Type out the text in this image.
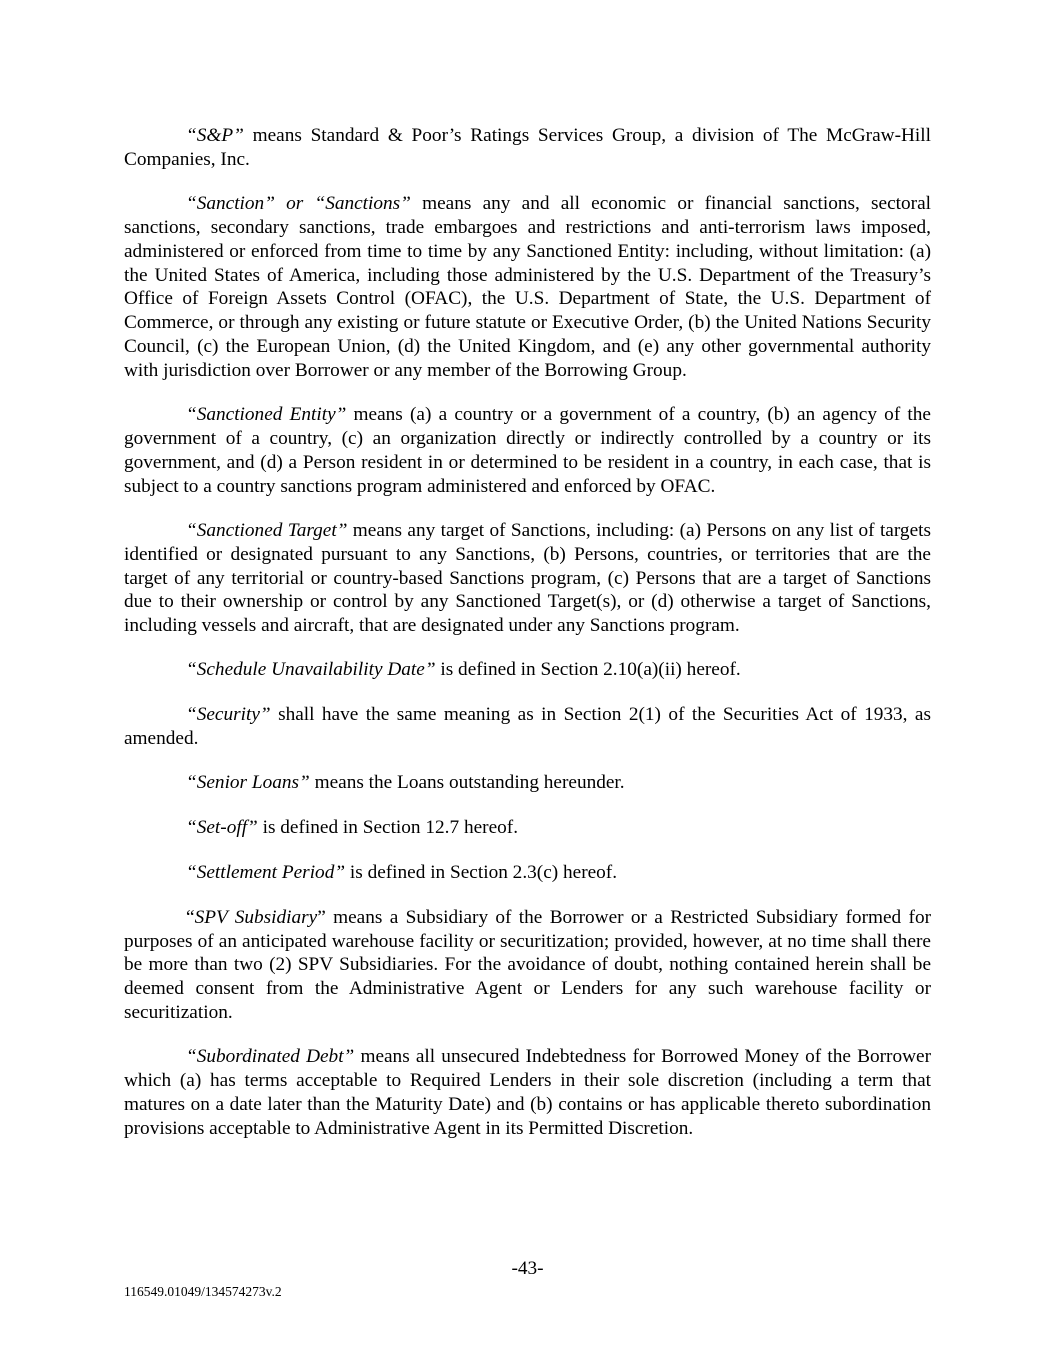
“S&P” means Standard & Poor’s Ratings Services Group, a division of The McGraw-Hill Companies, Inc.

“Sanction” or “Sanctions” means any and all economic or financial sanctions, sectoral sanctions, secondary sanctions, trade embargoes and restrictions and anti-terrorism laws imposed, administered or enforced from time to time by any Sanctioned Entity: including, without limitation: (a) the United States of America, including those administered by the U.S. Department of the Treasury’s Office of Foreign Assets Control (OFAC), the U.S. Department of State, the U.S. Department of Commerce, or through any existing or future statute or Executive Order, (b) the United Nations Security Council, (c) the European Union, (d) the United Kingdom, and (e) any other governmental authority with jurisdiction over Borrower or any member of the Borrowing Group.

“Sanctioned Entity” means (a) a country or a government of a country, (b) an agency of the government of a country, (c) an organization directly or indirectly controlled by a country or its government, and (d) a Person resident in or determined to be resident in a country, in each case, that is subject to a country sanctions program administered and enforced by OFAC.

“Sanctioned Target” means any target of Sanctions, including: (a) Persons on any list of targets identified or designated pursuant to any Sanctions, (b) Persons, countries, or territories that are the target of any territorial or country-based Sanctions program, (c) Persons that are a target of Sanctions due to their ownership or control by any Sanctioned Target(s), or (d) otherwise a target of Sanctions, including vessels and aircraft, that are designated under any Sanctions program.

“Schedule Unavailability Date” is defined in Section 2.10(a)(ii) hereof.

“Security” shall have the same meaning as in Section 2(1) of the Securities Act of 1933, as amended.

“Senior Loans” means the Loans outstanding hereunder.

“Set-off” is defined in Section 12.7 hereof.

“Settlement Period” is defined in Section 2.3(c) hereof.

“SPV Subsidiary” means a Subsidiary of the Borrower or a Restricted Subsidiary formed for purposes of an anticipated warehouse facility or securitization; provided, however, at no time shall there be more than two (2) SPV Subsidiaries. For the avoidance of doubt, nothing contained herein shall be deemed consent from the Administrative Agent or Lenders for any such warehouse facility or securitization.

“Subordinated Debt” means all unsecured Indebtedness for Borrowed Money of the Borrower which (a) has terms acceptable to Required Lenders in their sole discretion (including a term that matures on a date later than the Maturity Date) and (b) contains or has applicable thereto subordination provisions acceptable to Administrative Agent in its Permitted Discretion.

-43-
116549.01049/134574273v.2
